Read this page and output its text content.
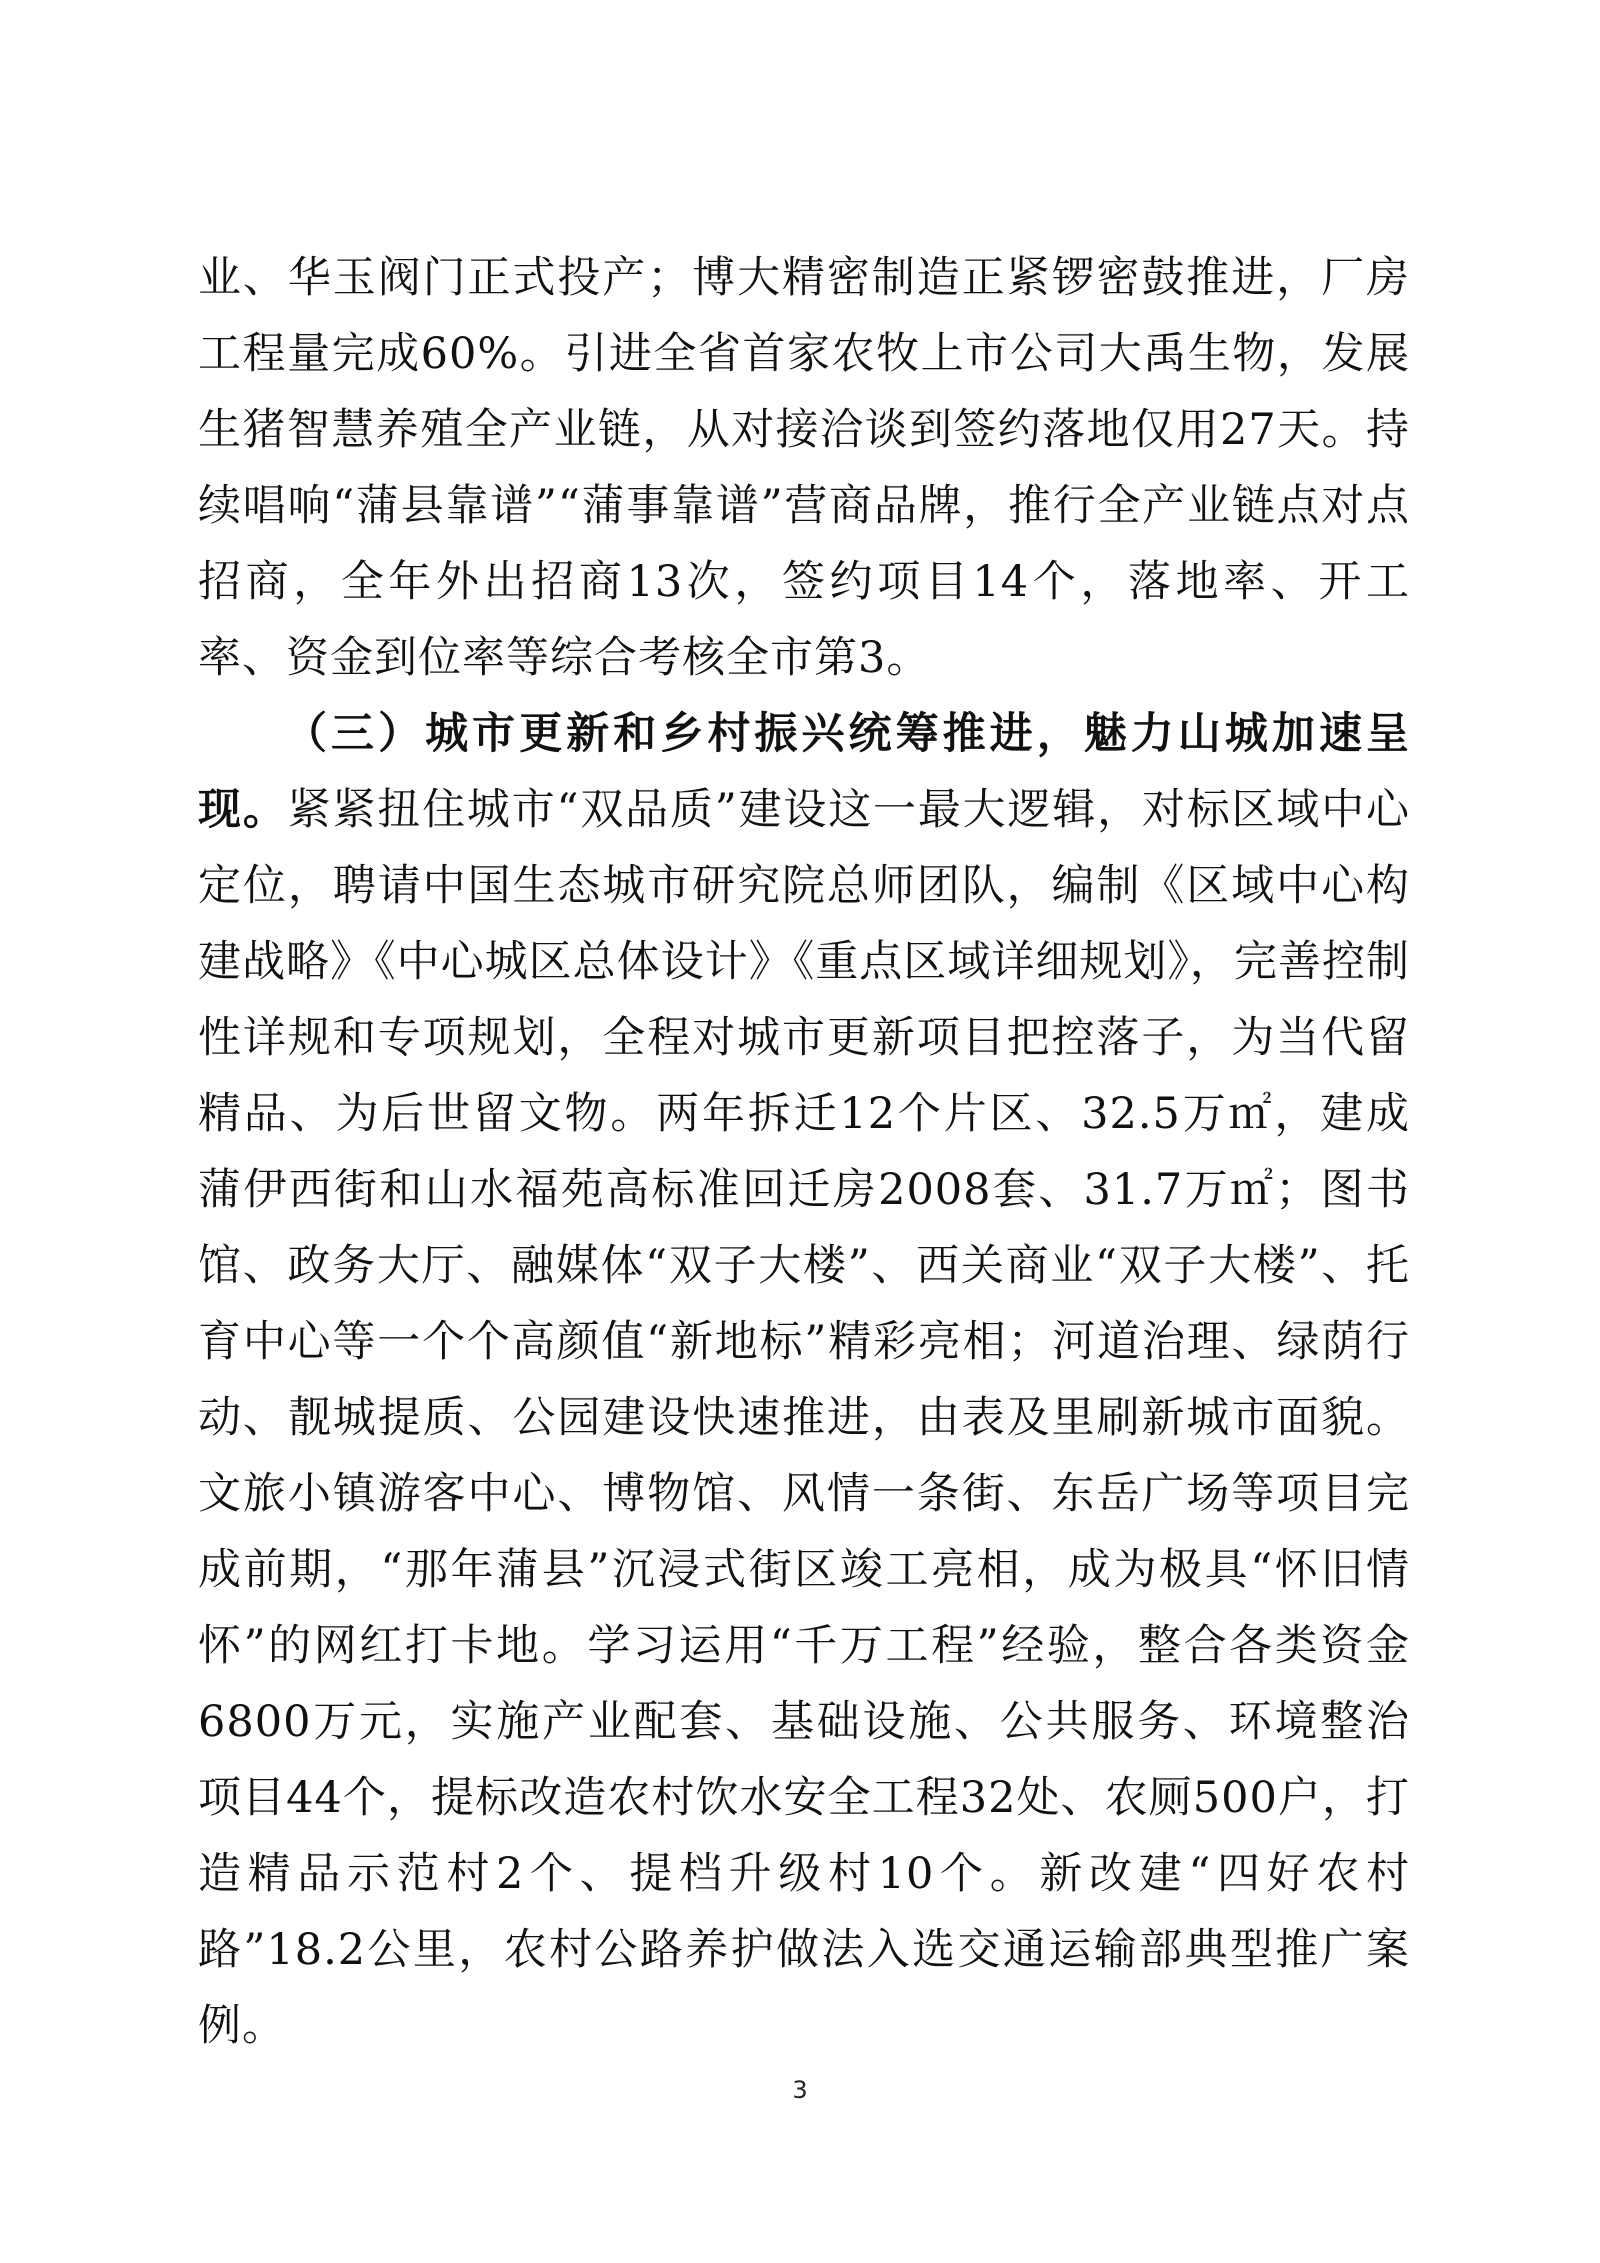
业、华玉阀门正式投产；博大精密制造正紧锣密鼓推进，厂房工程量完成60%。引进全省首家农牧上市公司大禹生物，发展生猪智慧养殖全产业链，从对接洽谈到签约落地仅用27天。持续唱响“蒲县靠谱”“蒲事靠谱”营商品牌，推行全产业链点对点招商，全年外出招商13次，签约项目14个，落地率、开工率、资金到位率等综合考核全市第3。

（三）城市更新和乡村振兴统筹推进，魅力山城加速呈现。紧紧扭住城市“双品质”建设这一最大逻辑，对标区域中心定位，聘请中国生态城市研究院总师团队，编制《区域中心构建战略》《中心城区总体设计》《重点区域详细规划》，完善控制性详规和专项规划，全程对城市更新项目把控落子，为当代留精品、为后世留文物。两年拆迁12个片区、32.5万㎡，建成蒲伊西街和山水福苑高标准回迁房2008套、31.7万㎡；图书馆、政务大厅、融媒体“双子大楼”、西关商业“双子大楼”、托育中心等一个个高颜值“新地标”精彩亮相；河道治理、绿荫行动、靓城提质、公园建设快速推进，由表及里刷新城市面貌。文旅小镇游客中心、博物馆、风情一条街、东岳广场等项目完成前期，“那年蒲县”沉浸式街区竣工亮相，成为极具“怀旧情怀”的网红打卡地。学习运用“千万工程”经验，整合各类资金6800万元，实施产业配套、基础设施、公共服务、环境整治项目44个，提标改造农村饮水安全工程32处、农厕500户，打造精品示范村2个、提档升级村10个。新改建“四好农村路”18.2公里，农村公路养护做法入选交通运输部典型推广案例。

3
